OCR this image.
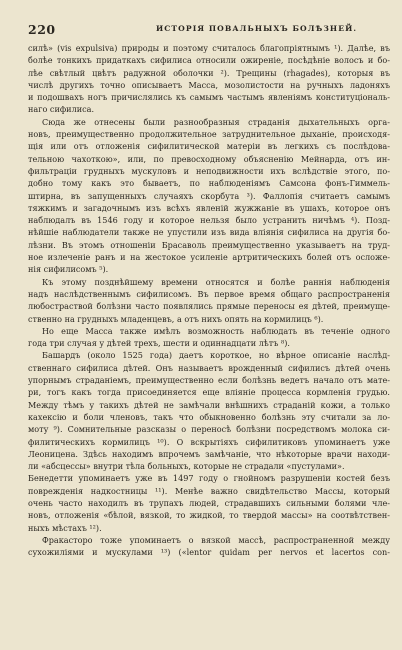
220	ИСТОРІЯ ПОВАЛЬНЫХЪ БОЛѢЗНЕЙ.
силѣ» (vis expulsiva) природы и поэтому считалось благопріятнымъ ¹). Далѣе, въ
болѣе тонкихъ придаткахъ сифилиса относили ожиреніе, посѣдѣніе волосъ и бо-
лѣе свѣтлый цвѣтъ радужной оболочки ²). Трещины (rhagades), которыя въ
числѣ другихъ точно описываетъ Масса, мозолистости на ручныхъ ладоняхъ
и подошвахъ ногъ причислялись къ самымъ частымъ явленіямъ конституціональ-
наго сифилиса.
Сюда же отнесены были разнообразныя страданія дыхательныхъ орга-
новъ, преимущественно продолжительное затруднительное дыханіе, происходя-
щія или отъ отложенія сифилитической матеріи въ легкихъ съ послѣдова-
тельною чахоткою», или, по превосходному объясненію Мейнарда, отъ ин-
фильтраціи грудныхъ мускуловъ и неподвижности ихъ вслѣдствіе этого, по-
добно тому какъ это бываетъ, по наблюденіямъ Самсона фонъ-Гиммель-
штирна, въ запущенныхъ случаяхъ скорбута ³). Фаллопія считаетъ самымъ
тяжкимъ и загадочнымъ изъ всѣхъ явленій жужжаніе въ ушахъ, которое онъ
наблюдалъ въ 1546 году и которое нельзя было устранить ничѣмъ ⁴). Позд-
нѣйшіе наблюдатели также не упустили изъ вида вліянія сифилиса на другія бо-
лѣзни. Въ этомъ отношеніи Брасаволь преимущественно указываетъ на труд-
ное излеченіе ранъ и на жестокое усиленіе артритическихъ болей отъ осложе-
нія сифилисомъ ⁵).
Къ этому позднѣйшему времени относятся и болѣе раннія наблюденія
надъ наслѣдственнымъ сифилисомъ. Въ первое время общаго распространенія
любостраствой болѣзни часто появлялись прямые переносы ея дѣтей, преимуще-
ственно на грудныхъ младенцевъ, а отъ нихъ опять на кормилицъ ⁶).
Но еще Масса также имѣлъ возможность наблюдать въ теченіе одного
года три случая у дѣтей трехъ, шести и одиннадцати лѣтъ ⁸).
Башардъ (около 1525 года) даетъ короткое, но вѣрное описаніе наслѣд-
ственнаго сифилиса дѣтей. Онъ называетъ врожденный сифилисъ дѣтей очень
упорнымъ страданіемъ, преимущественно если болѣзнь ведетъ начало отъ мате-
ри, тогъ какъ тогда присоединяется еще вліяніе процесса кормленія грудью.
Между тѣмъ у такихъ дѣтей не замѣчали внѣшнихъ страданій кожи, а только
кахексію и боли членовъ, такъ что обыкновенно болѣзнь эту считали за ло-
моту ⁹). Сомнительные разсказы о переносѣ болѣзни посредствомъ молока си-
филитическихъ кормилицъ ¹⁰). О вскрытіяхъ сифилитиковъ упоминаетъ уже
Леоницена. Здѣсь находимъ впрочемъ замѣчаніе, что нѣкоторые врачи находи-
ли «абсцессы» внутри тѣла больныхъ, которые не страдали «пустулами».
Бенедетти упоминаетъ уже въ 1497 году о гнойномъ разрушеніи костей безъ
поврежденія надкостницы ¹¹). Менѣе важно свидѣтельство Массы, который
очень часто находилъ въ трупахъ людей, страдавшихъ сильными болями чле-
новъ, отложенія «бѣлой, вязкой, то жидкой, то твердой массы» на соотвѣтствен-
ныхъ мѣстахъ ¹²).
Фракасторо тоже упоминаетъ о вязкой массѣ, распространенной между
сухожиліями и мускулами ¹³) («lentor quidam per nervos et lacertos con-
